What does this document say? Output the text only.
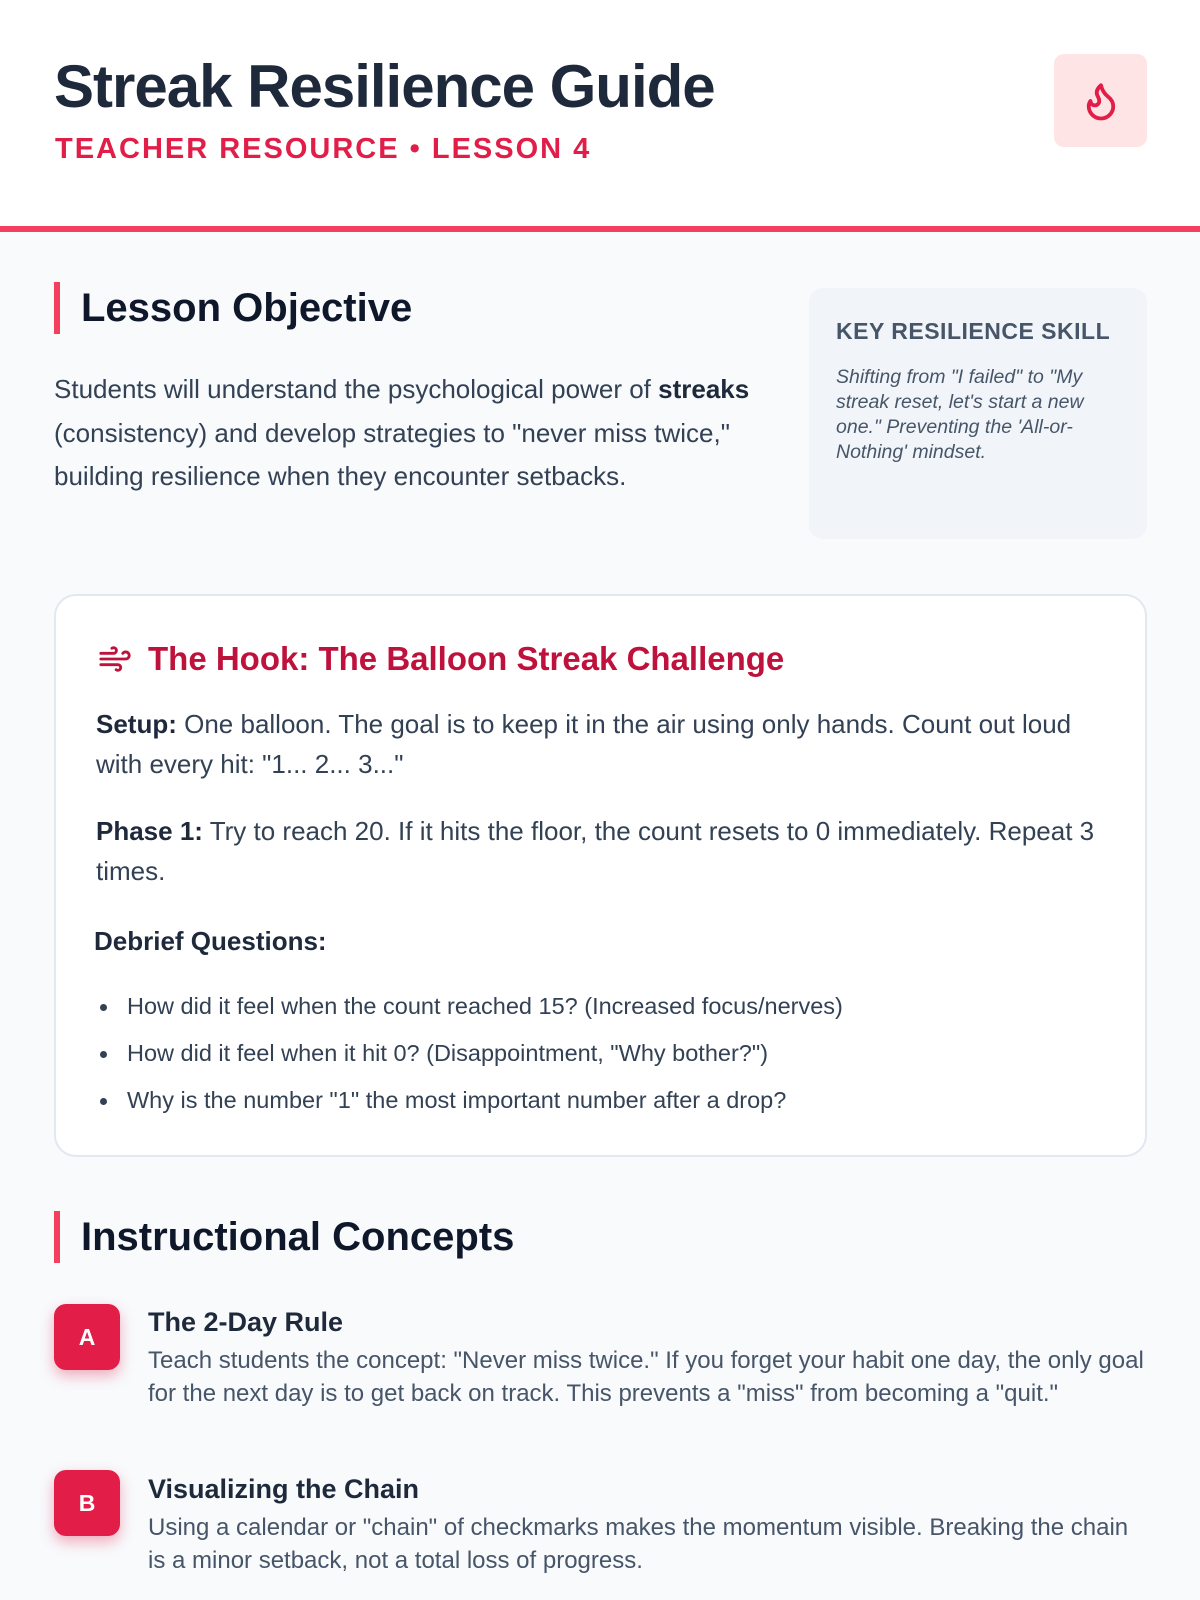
Streak Resilience Guide
TEACHER RESOURCE • LESSON 4
Lesson Objective

Students will understand the psychological power of streaks (consistency) and develop strategies to "never miss twice," building resilience when they encounter setbacks.

KEY RESILIENCE SKILL
Shifting from "I failed" to "My streak reset, let's start a new one." Preventing the 'All-or-Nothing' mindset.
The Hook: The Balloon Streak Challenge

Setup: One balloon. The goal is to keep it in the air using only hands. Count out loud with every hit: "1... 2... 3..."

Phase 1: Try to reach 20. If it hits the floor, the count resets to 0 immediately. Repeat 3 times.

Debrief Questions:
How did it feel when the count reached 15? (Increased focus/nerves)
How did it feel when it hit 0? (Disappointment, "Why bother?")
Why is the number "1" the most important number after a drop?
Instructional Concepts
A	The 2-Day Rule

Teach students the concept: "Never miss twice." If you forget your habit one day, the only goal for the next day is to get back on track. This prevents a "miss" from becoming a "quit."

B	Visualizing the Chain

Using a calendar or "chain" of checkmarks makes the momentum visible. Breaking the chain is a minor setback, not a total loss of progress.
